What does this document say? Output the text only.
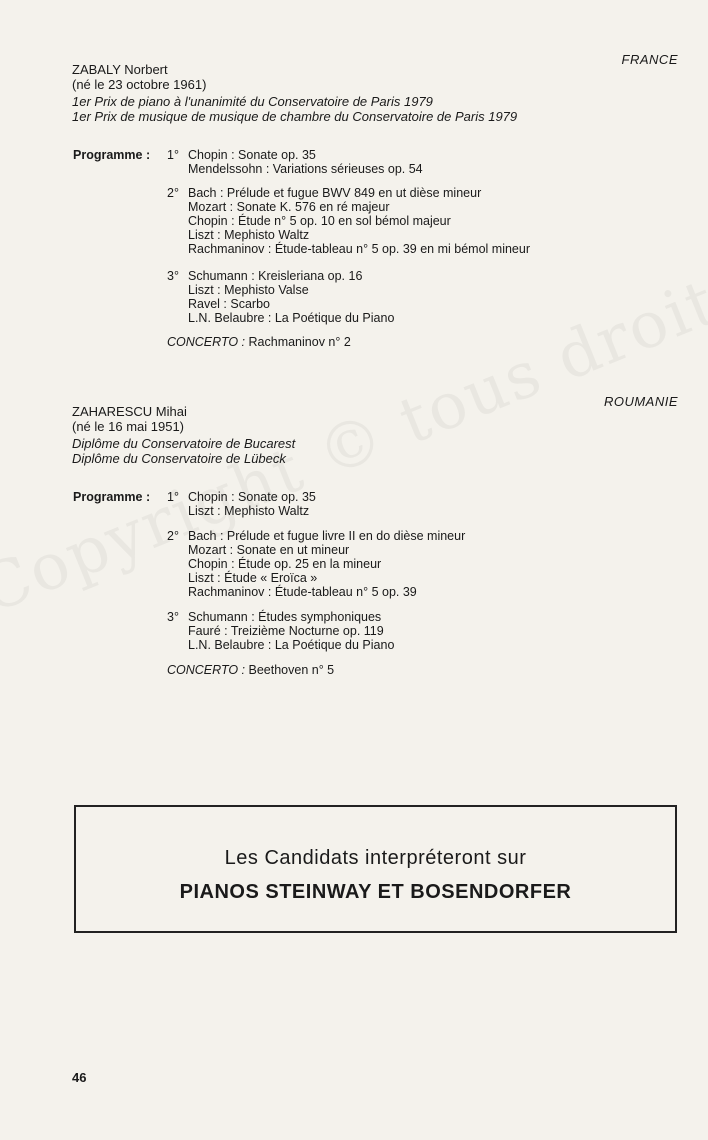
FRANCE
ZABALY Norbert
(né le 23 octobre 1961)
1er Prix de piano à l'unanimité du Conservatoire de Paris 1979
1er Prix de musique de musique de chambre du Conservatoire de Paris 1979
Programme : 1° Chopin : Sonate op. 35
Mendelssohn : Variations sérieuses op. 54
2° Bach : Prélude et fugue BWV 849 en ut dièse mineur
Mozart : Sonate K. 576 en ré majeur
Chopin : Étude n° 5 op. 10 en sol bémol majeur
Liszt : Mephisto Waltz
Rachmaninov : Étude-tableau n° 5 op. 39 en mi bémol mineur
3° Schumann : Kreisleriana op. 16
Liszt : Mephisto Valse
Ravel : Scarbo
L.N. Belaubre : La Poétique du Piano
CONCERTO : Rachmaninov n° 2
ROUMANIE
ZAHARESCU Mihai
(né le 16 mai 1951)
Diplôme du Conservatoire de Bucarest
Diplôme du Conservatoire de Lübeck
Programme : 1° Chopin : Sonate op. 35
Liszt : Mephisto Waltz
2° Bach : Prélude et fugue livre II en do dièse mineur
Mozart : Sonate en ut mineur
Chopin : Étude op. 25 en la mineur
Liszt : Étude « Eroïca »
Rachmaninov : Étude-tableau n° 5 op. 39
3° Schumann : Études symphoniques
Fauré : Treizième Nocturne op. 119
L.N. Belaubre : La Poétique du Piano
CONCERTO : Beethoven n° 5
Les Candidats interpréteront sur
PIANOS STEINWAY ET BOSENDORFER
46
